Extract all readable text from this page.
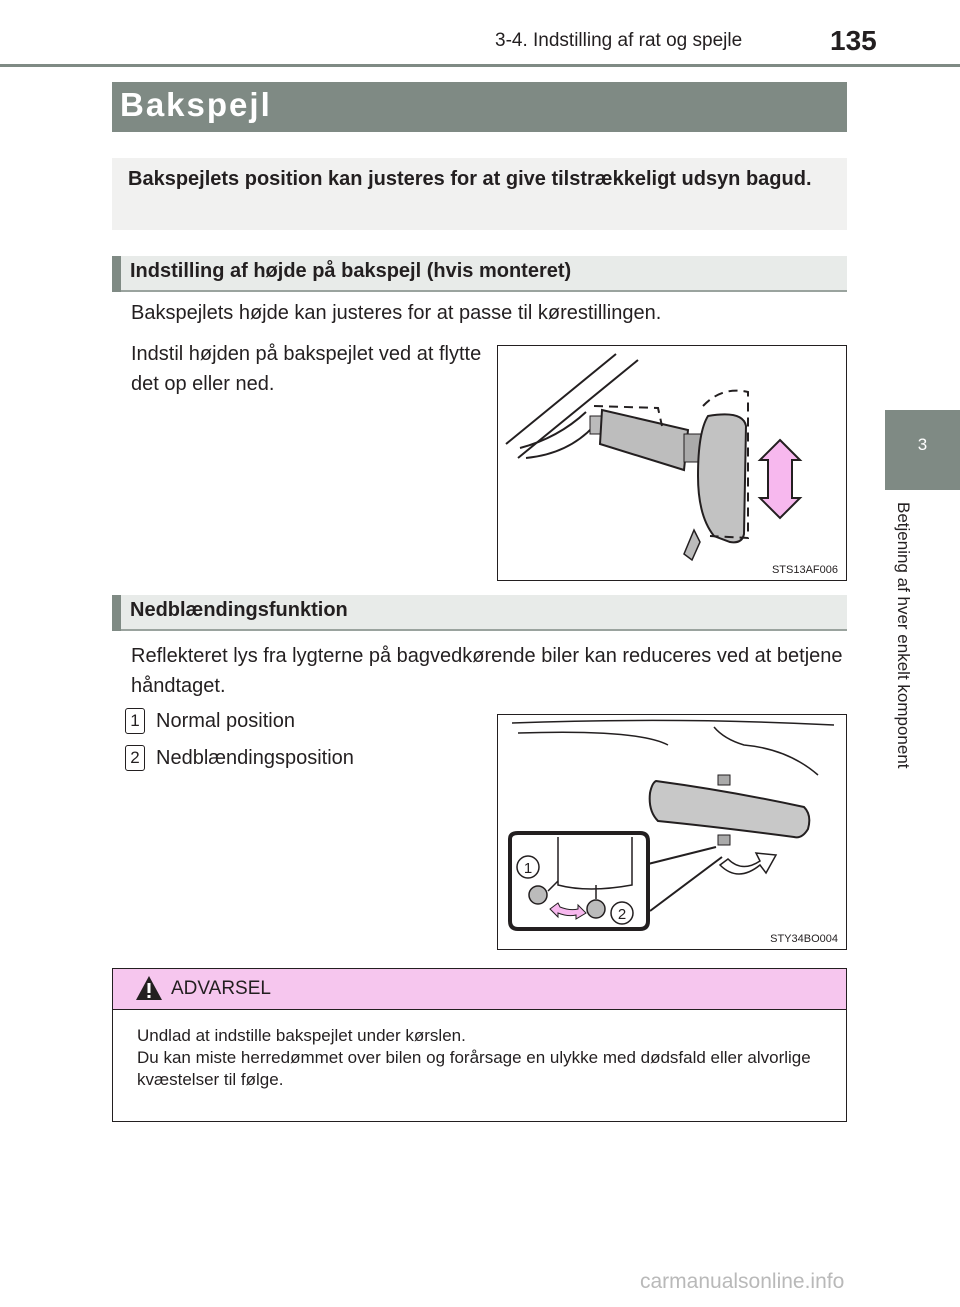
3-4. Indstilling af rat og spejle	135
3
Betjening af hver enkelt komponent
Bakspejl
Bakspejlets position kan justeres for at give tilstrækkeligt udsyn bagud.
Indstilling af højde på bakspejl (hvis monteret)
Bakspejlets højde kan justeres for at passe til kørestillingen.
Indstil højden på bakspejlet ved at flytte det op eller ned.
STS13AF006
Nedblændingsfunktion
Reflekteret lys fra lygterne på bagvedkørende biler kan reduceres ved at betjene håndtaget.
1 Normal position
2 Nedblændingsposition
1
2
STY34BO004
ADVARSEL
Undlad at indstille bakspejlet under kørslen.
Du kan miste herredømmet over bilen og forårsage en ulykke med dødsfald eller alvorlige kvæstelser til følge.
carmanualsonline.info
